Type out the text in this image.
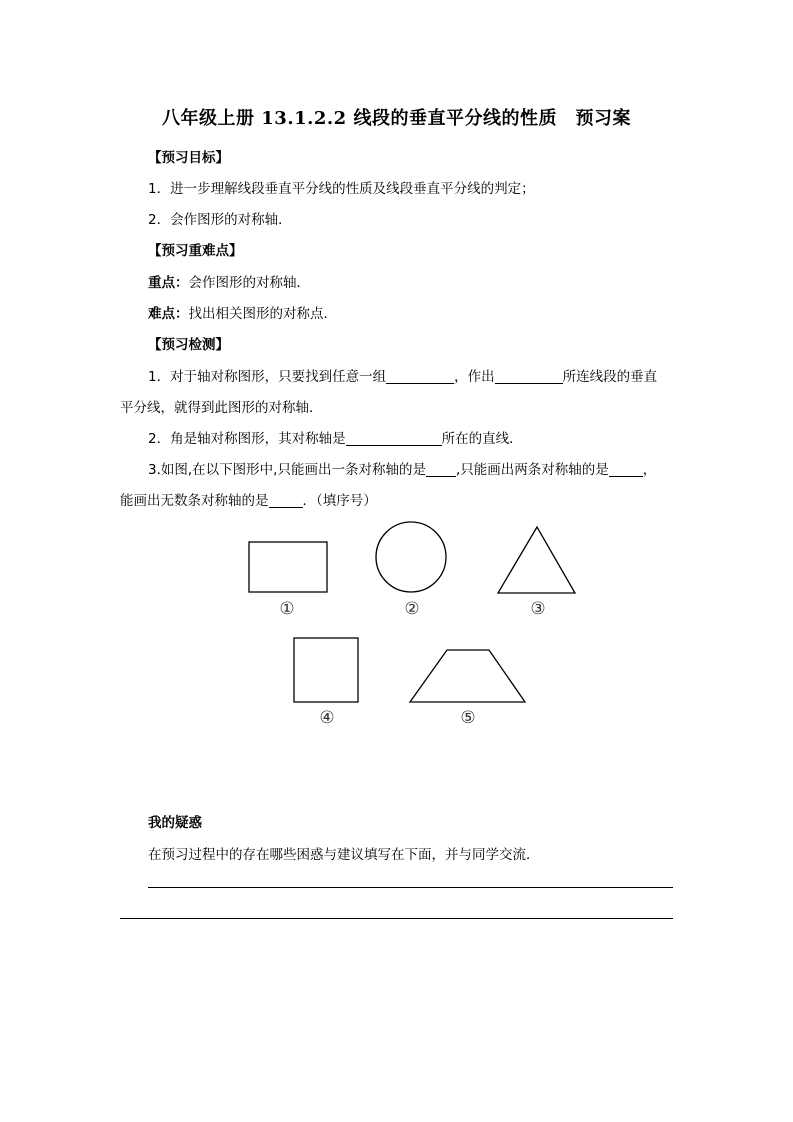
八年级上册 13.1.2.2 线段的垂直平分线的性质　预习案
【预习目标】
1．进一步理解线段垂直平分线的性质及线段垂直平分线的判定；
2．会作图形的对称轴．
【预习重难点】
重点：会作图形的对称轴．
难点：找出相关图形的对称点．
【预习检测】
1．对于轴对称图形，只要找到任意一组	，作出	所连线段的垂直
平分线，就得到此图形的对称轴．
2．角是轴对称图形，其对称轴是	所在的直线．
3.如图,在以下图形中,只能画出一条对称轴的是 ,只能画出两条对称轴的是	，
能画出无数条对称轴的是	．（填序号）
①	②	③
④	⑤
我的疑惑
在预习过程中的存在哪些困惑与建议填写在下面，并与同学交流．
